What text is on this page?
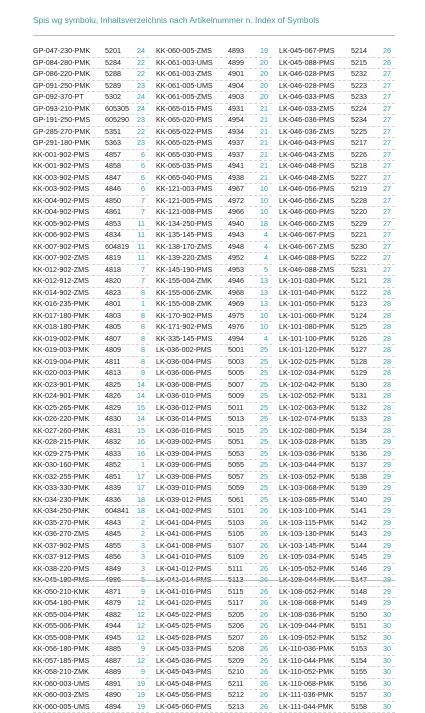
Spis wg symbolu, Inhaltsverzeichnis nach Artikelnummer n. Index of Symbols
GP-047-230-PMK	5201	24
GP-084-280-PMK	5284	22
GP-086-220-PMK	5288	22
GP-091-250-PMK	5289	23
GP-092-370-PT	5302	24
GP-093-210-PMK	605305	24
GP-191-250-PMS	605290	23
GP-285-270-PMK	5351	22
GP-291-180-PMK	5363	23
KK-001-902-PMS	4857	6
KK-001-902-PMS	4858	6
KK-003-902-PMS	4847	6
KK-003-902-PMS	4846	6
KK-004-902-PMS	4850	7
KK-004-902-PMS	4861	7
KK-005-902-PMS	4853	11
KK-006-902-PMS	4834	11
KK-007-902-PMS	604819	11
KK-007-902-ZMS	4819	11
KK-012-902-ZMS	4818	7
KK-012-912-ZMS	4820	7
KK-014-902-ZMS	4823	8
KK-016-235-PMK	4801	1
KK-017-180-PMK	4803	8
KK-018-180-PMK	4805	8
KK-019-002-PMK	4807	8
KK-019-003-PMK	4809	8
KK-019-004-PMK	4811	8
KK-020-003-PMK	4813	9
KK-023-901-PMK	4825	14
KK-024-901-PMK	4826	14
KK-025-265-PMK	4829	15
KK-026-220-PMK	4830	14
KK-027-260-PMK	4831	15
KK-028-215-PMK	4832	16
KK-029-275-PMK	4833	16
KK-030-160-PMK	4852	1
KK-032-255-PMK	4851	17
KK-033-330-PMK	4839	17
KK-034-230-PMK	4836	18
KK-034-250-PMK	604841	18
KK-035-270-PMK	4843	2
KK-036-270-ZMS	4845	2
KK-037-902-PMS	4855	3
KK-037-912-PMS	4856	3
KK-038-220-PMS	4849	3
KK-045-190-PMS	4986	5
KK-050-210-KMK	4871	9
KK-054-180-PMK	4879	12
KK-055-004-PMK	4882	12
KK-055-006-PMK	4944	12
KK-055-008-PMK	4945	12
KK-056-180-PMK	4885	9
KK-057-185-PMS	4887	12
KK-058-210-ZMK	4889	9
KK-060-003-UMS	4891	19
KK-060-003-ZMS	4890	19
KK-060-005-UMS	4894	19
KK-060-005-ZMS	4893	19
KK-061-003-UMS	4899	20
KK-061-003-ZMS	4901	20
KK-061-005-UMS	4904	20
KK-061-005-ZMS	4903	20
KK-065-015-PMS	4931	21
KK-065-020-PMS	4954	21
KK-065-022-PMS	4934	21
KK-065-025-PMS	4937	21
KK-065-030-PMS	4937	21
KK-065-035-PMS	4941	21
KK-065-040-PMS	4938	21
KK-121-003-PMS	4967	10
KK-121-005-PMS	4972	10
KK-121-008-PMS	4966	10
KK-134-250-PMS	4940	18
KK-135-145-PMS	4943	4
KK-138-170-ZMS	4948	4
KK-139-220-ZMS	4952	4
KK-145-190-PMS	4953	5
KK-155-004-ZMK	4946	13
KK-155-006-ZMK	4968	13
KK-155-008-ZMK	4969	13
KK-170-902-PMS	4975	10
KK-171-902-PMS	4976	10
KK-335-145-PMS	4994	4
LK-036-002-PMS	5001	25
LK-036-004-PMS	5003	25
LK-036-006-PMS	5005	25
LK-036-008-PMS	5007	25
LK-036-010-PMS	5009	25
LK-036-012-PMS	5011	25
LK-036-014-PMS	5013	25
LK-036-016-PMS	5015	25
LK-039-002-PMS	5051	25
LK-039-004-PMS	5053	25
LK-039-006-PMS	5055	25
LK-039-008-PMS	5057	25
LK-039-010-PMS	5059	25
LK-039-012-PMS	5061	25
LK-041-002-PMS	5101	26
LK-041-004-PMS	5103	26
LK-041-006-PMS	5105	26
LK-041-008-PMS	5107	26
LK-041-010-PMS	5109	26
LK-041-012-PMS	5111	26
LK-041-014-PMS	5113	26
LK-041-016-PMS	5115	26
LK-041-020-PMS	5117	26
LK-045-022-PMS	5205	26
LK-045-025-PMS	5206	26
LK-045-028-PMS	5207	26
LK-045-033-PMS	5208	26
LK-045-036-PMS	5209	26
LK-045-043-PMS	5210	26
LK-045-048-PMS	5211	26
LK-045-056-PMS	5212	26
LK-045-060-PMS	5213	26
LK-045-067-PMS	5214	26
LK-045-088-PMS	5215	26
LK-046-028-PMS	5232	27
LK-046-028-PMS	5223	27
LK-046-033-PMS	5233	27
LK-046-033-ZMS	5224	27
LK-046-036-PMS	5234	27
LK-046-036-ZMS	5225	27
LK-046-043-PMS	5217	27
LK-046-043-ZMS	5226	27
LK-046-048-PMS	5218	27
LK-046-048-ZMS	5227	27
LK-046-056-PMS	5219	27
LK-046-056-ZMS	5228	27
LK-046-060-PMS	5220	27
LK-046-060-ZMS	5229	27
LK-046-067-PMS	5221	27
LK-046-067-ZMS	5230	27
LK-046-088-PMS	5222	27
LK-046-088-ZMS	5231	27
LK-101-030-PMK	5121	28
LK-101-040-PMK	5122	28
LK-101-050-PMK	5123	28
LK-101-060-PMK	5124	28
LK-101-080-PMK	5125	28
LK-101-100-PMK	5126	28
LK-101-120-PMK	5127	28
LK-102-025-PMK	5128	28
LK-102-034-PMK	5129	28
LK-102-042-PMK	5130	28
LK-102-052-PMK	5131	28
LK-102-063-PMK	5132	28
LK-102-074-PMK	5133	28
LK-102-080-PMK	5134	28
LK-103-028-PMK	5135	29
LK-103-036-PMK	5136	29
LK-103-044-PMK	5137	29
LK-103-052-PMK	5138	29
LK-103-068-PMK	5139	29
LK-103-085-PMK	5140	29
LK-103-100-PMK	5141	29
LK-103-115-PMK	5142	29
LK-103-130-PMK	5143	29
LK-103-145-PMK	5144	29
LK-105-034-PMK	5145	29
LK-105-052-PMK	5146	29
LK-108-044-PMK	5147	29
LK-108-052-PMK	5148	29
LK-108-068-PMK	5149	29
LK-108-036-PMK	5150	30
LK-109-044-PMK	5151	30
LK-109-052-PMK	5152	30
LK-110-036-PMK	5153	30
LK-110-044-PMK	5154	30
LK-110-052-PMK	5155	30
LK-110-068-PMK	5156	30
LK-111-036-PMK	5157	30
LK-111-044-PMK	5158	30
